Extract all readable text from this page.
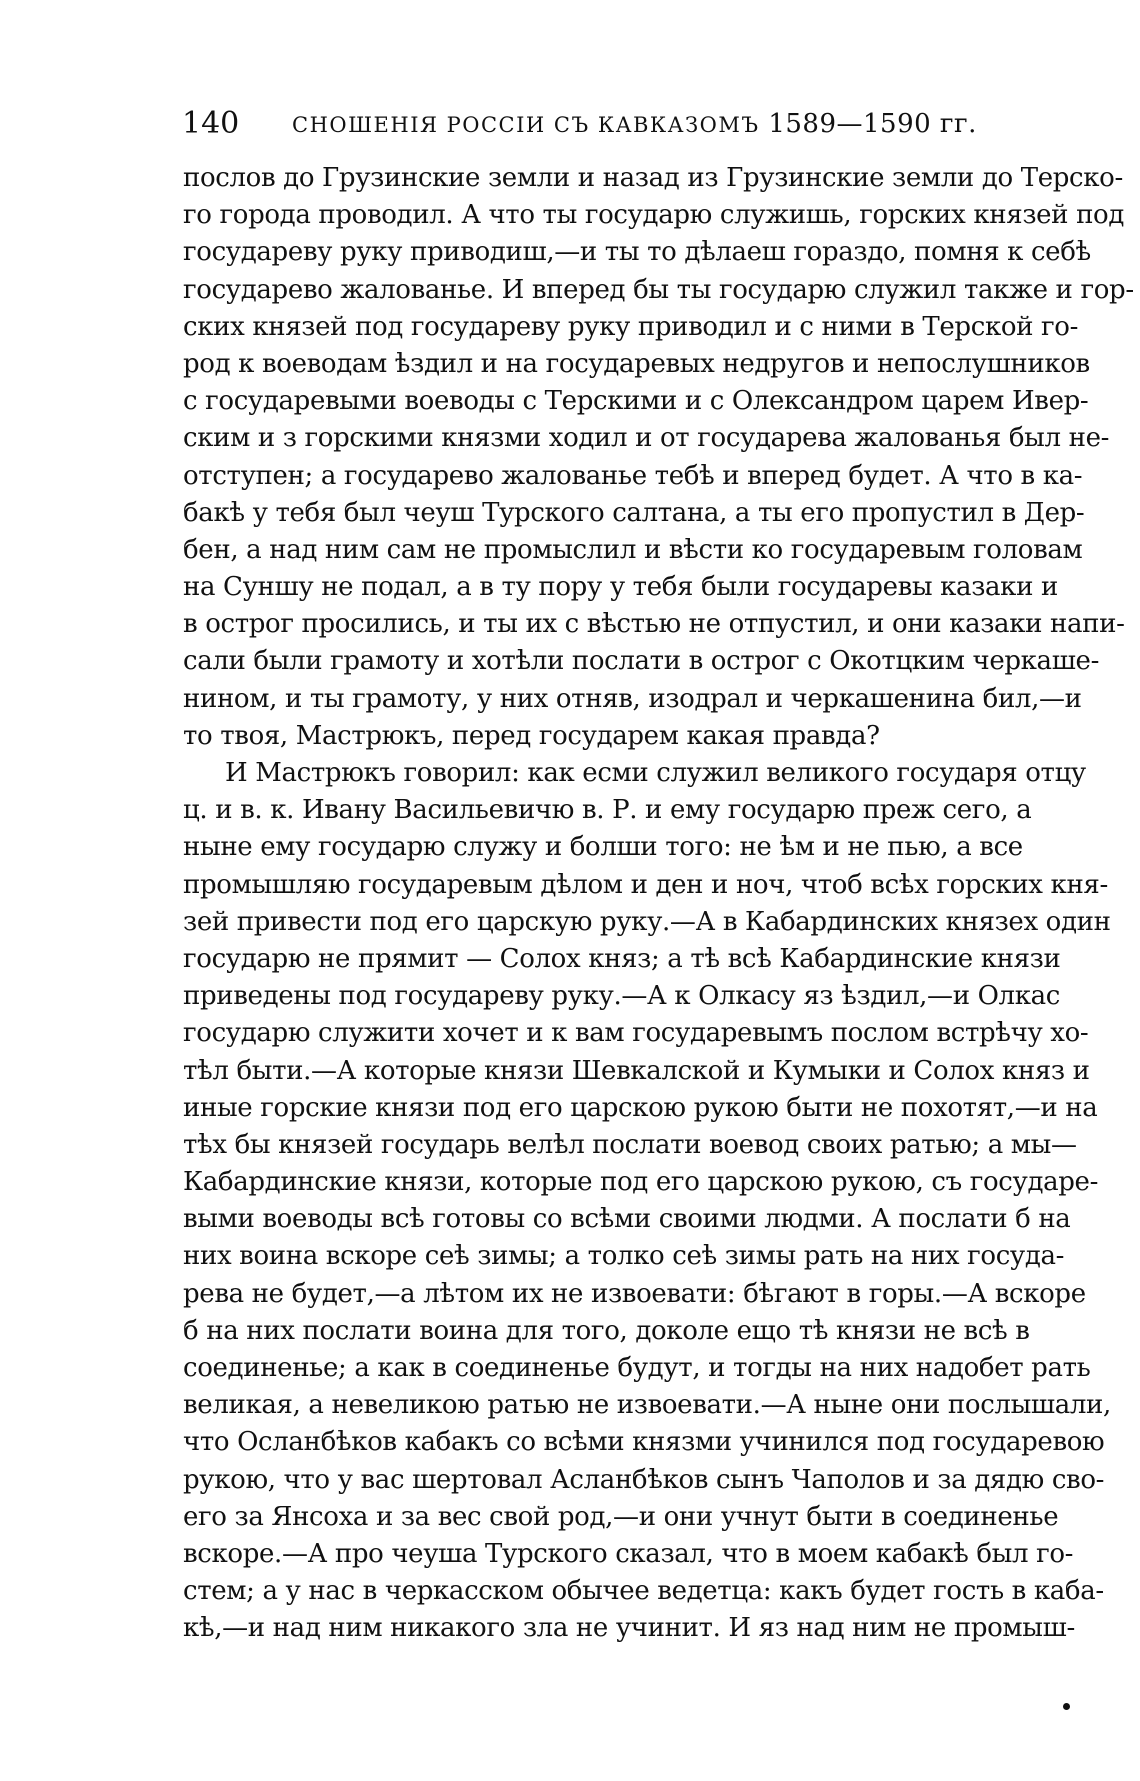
140	СНОШЕНІЯ РОССІИ СЪ КАВКАЗОМЪ 1589—1590 гг.
послов до Грузинские земли и назад из Грузинские земли до Терско-
го города проводил. А что ты государю служишь, горских князей под
государеву руку приводиш,—и ты то дѣлаеш гораздо, помня к себѣ
государево жалованье. И вперед бы ты государю служил также и гор-
ских князей под государеву руку приводил и с ними в Терской го-
род к воеводам ѣздил и на государевых недругов и непослушников
с государевыми воеводы с Терскими и с Олександром царем Ивер-
ским и з горскими князми ходил и от государева жалованья был не-
отступен; а государево жалованье тебѣ и вперед будет. А что в ка-
бакѣ у тебя был чеуш Турского салтана, а ты его пропустил в Дер-
бен, а над ним сам не промыслил и вѣсти ко государевым головам
на Суншу не подал, а в ту пору у тебя были государевы казаки и
в острог просились, и ты их с вѣстью не отпустил, и они казаки напи-
сали были грамоту и хотѣли послати в острог с Окотцким черкаше-
нином, и ты грамоту, у них отняв, изодрал и черкашенина бил,—и
то твоя, Мастрюкъ, перед государем какая правда?
И Мастрюкъ говорил: как есми служил великого государя отцу
ц. и в. к. Ивану Васильевичю в. Р. и ему государю преж сего, а
ныне ему государю служу и болши того: не ѣм и не пью, а все
промышляю государевым дѣлом и ден и ноч, чтоб всѣх горских кня-
зей привести под его царскую руку.—А в Кабардинских князех один
государю не прямит — Солох княз; а тѣ всѣ Кабардинские князи
приведены под государеву руку.—А к Олкасу яз ѣздил,—и Олкас
государю служити хочет и к вам государевымъ послом встрѣчу хо-
тѣл быти.—А которые князи Шевкалской и Кумыки и Солох княз и
иные горские князи под его царскою рукою быти не похотят,—и на
тѣх бы князей государь велѣл послати воевод своих ратью; а мы—
Кабардинские князи, которые под его царскою рукою, съ государе-
выми воеводы всѣ готовы со всѣми своими людми. А послати б на
них воина вскоре сеѣ зимы; а толко сеѣ зимы рать на них госуда-
рева не будет,—а лѣтом их не извоевати: бѣгают в горы.—А вскоре
б на них послати воина для того, доколе ещо тѣ князи не всѣ в
соединенье; а как в соединенье будут, и тогды на них надобет рать
великая, а невеликою ратью не извоевати.—А ныне они послышали,
что Осланбѣков кабакъ со всѣми князми учинился под государевою
рукою, что у вас шертовал Асланбѣков сынъ Чаполов и за дядю сво-
его за Янсоха и за вес свой род,—и они учнут быти в соединенье
вскоре.—А про чеуша Турского сказал, что в моем кабакѣ был го-
стем; а у нас в черкасском обычее ведетца: какъ будет гость в каба-
кѣ,—и над ним никакого зла не учинит. И яз над ним не промыш-
